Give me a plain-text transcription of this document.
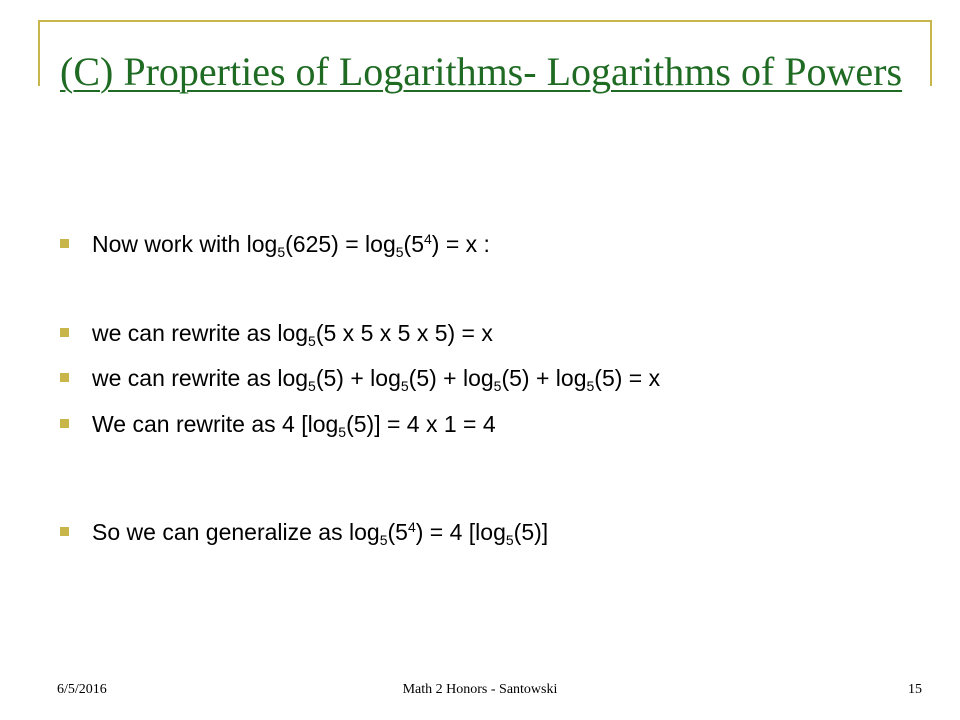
(C) Properties of Logarithms- Logarithms of Powers
Now work with $\log_5(625) = \log_5(5^4) = x$ :
we can rewrite as $\log_5(5$ x 5 x 5 x 5) = x
we can rewrite as $\log_5(5) + \log_5(5) + \log_5(5) + \log_5(5) = x$
We can rewrite as 4 $[\log_5(5)] = 4$ x 1 = 4
So we can generalize as $\log_5(5^4) = 4$ $[\log_5(5)]$
6/5/2016	Math 2 Honors - Santowski	15
